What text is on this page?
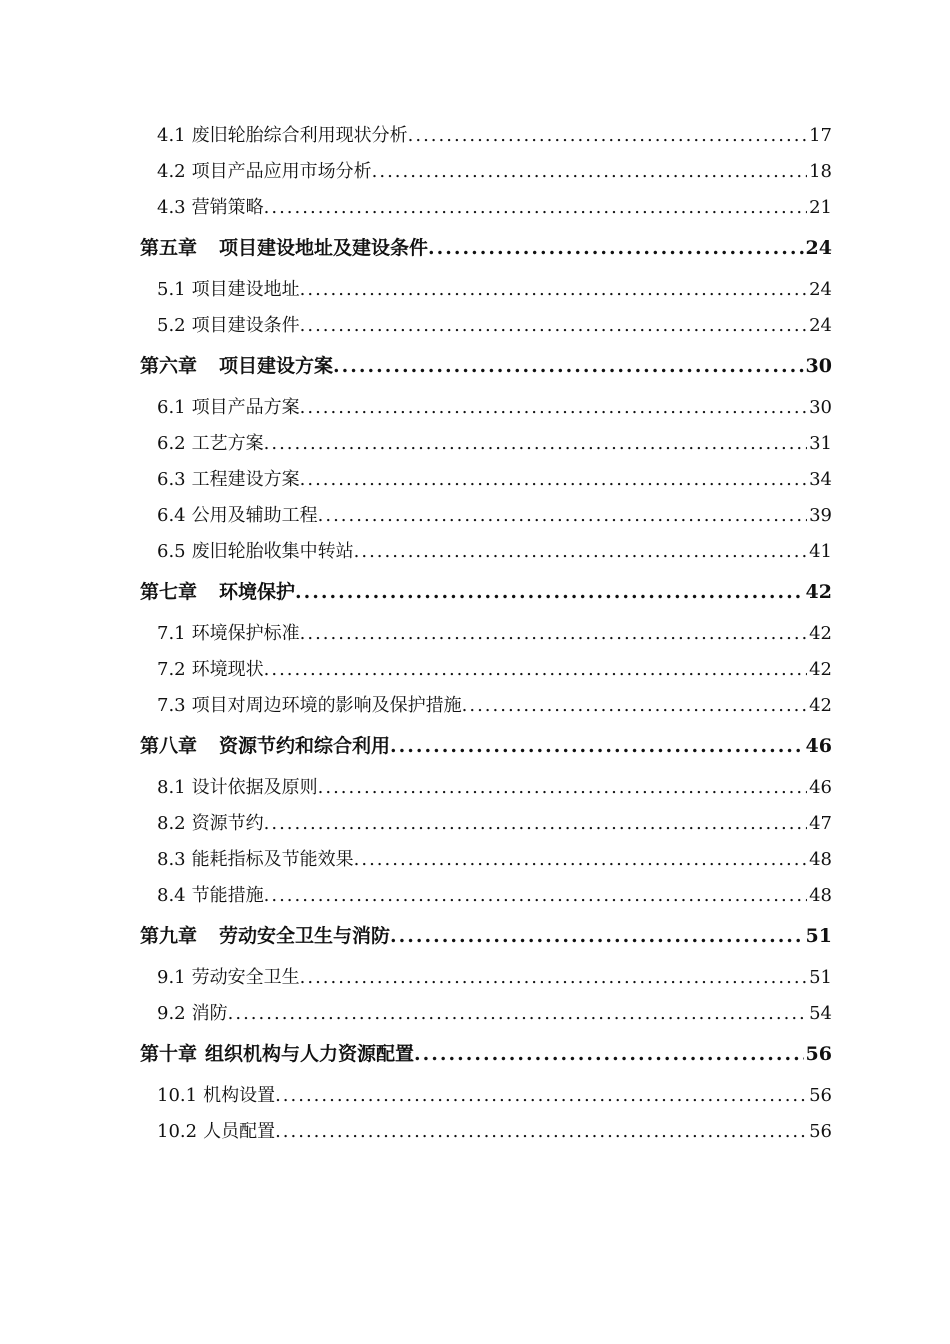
4.1 废旧轮胎综合利用现状分析 .....	17
4.2 项目产品应用市场分析 .....	18
4.3 营销策略 .....	21
第五章 项目建设地址及建设条件 .....	24
5.1 项目建设地址 .....	24
5.2 项目建设条件 .....	24
第六章 项目建设方案 .....	30
6.1 项目产品方案 .....	30
6.2 工艺方案 .....	31
6.3 工程建设方案 .....	34
6.4 公用及辅助工程 .....	39
6.5 废旧轮胎收集中转站 .....	41
第七章 环境保护 .....	42
7.1 环境保护标准 .....	42
7.2 环境现状 .....	42
7.3 项目对周边环境的影响及保护措施 .....	42
第八章 资源节约和综合利用 .....	46
8.1 设计依据及原则 .....	46
8.2 资源节约 .....	47
8.3 能耗指标及节能效果 .....	48
8.4 节能措施 .....	48
第九章 劳动安全卫生与消防 .....	51
9.1 劳动安全卫生 .....	51
9.2 消防 .....	54
第十章 组织机构与人力资源配置 .....	56
10.1 机构设置 .....	56
10.2 人员配置 .....	56
